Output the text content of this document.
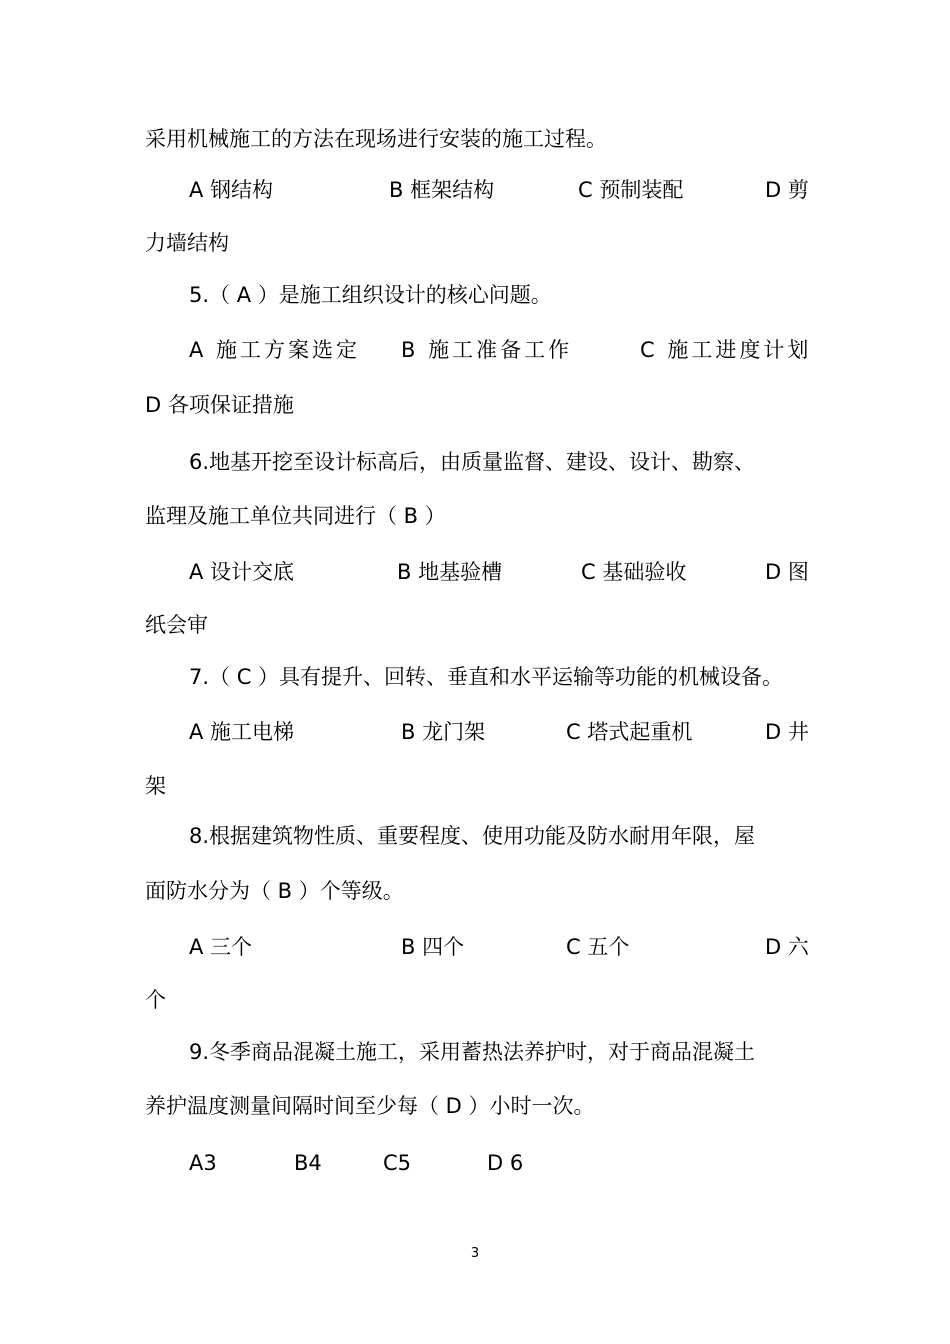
采用机械施工的方法在现场进行安装的施工过程。
A 钢结构	B 框架结构	C 预制装配	D 剪
力墙结构
5.（ A ）是施工组织设计的核心问题。
A 施工方案选定 B 施工准备工作	C 施工进度计划
D 各项保证措施
6.地基开挖至设计标高后，由质量监督、建设、设计、勘察、
监理及施工单位共同进行（ B ）
A 设计交底	B 地基验槽	C 基础验收	D 图
纸会审
7.（ C ）具有提升、回转、垂直和水平运输等功能的机械设备。
A 施工电梯	B 龙门架	C 塔式起重机	D 井
架
8.根据建筑物性质、重要程度、使用功能及防水耐用年限，屋
面防水分为（ B ）个等级。
A 三个	B 四个	C 五个	D 六
个
9.冬季商品混凝土施工，采用蓄热法养护时，对于商品混凝土
养护温度测量间隔时间至少每（ D ）小时一次。
A3	B4	C5	D 6
3
